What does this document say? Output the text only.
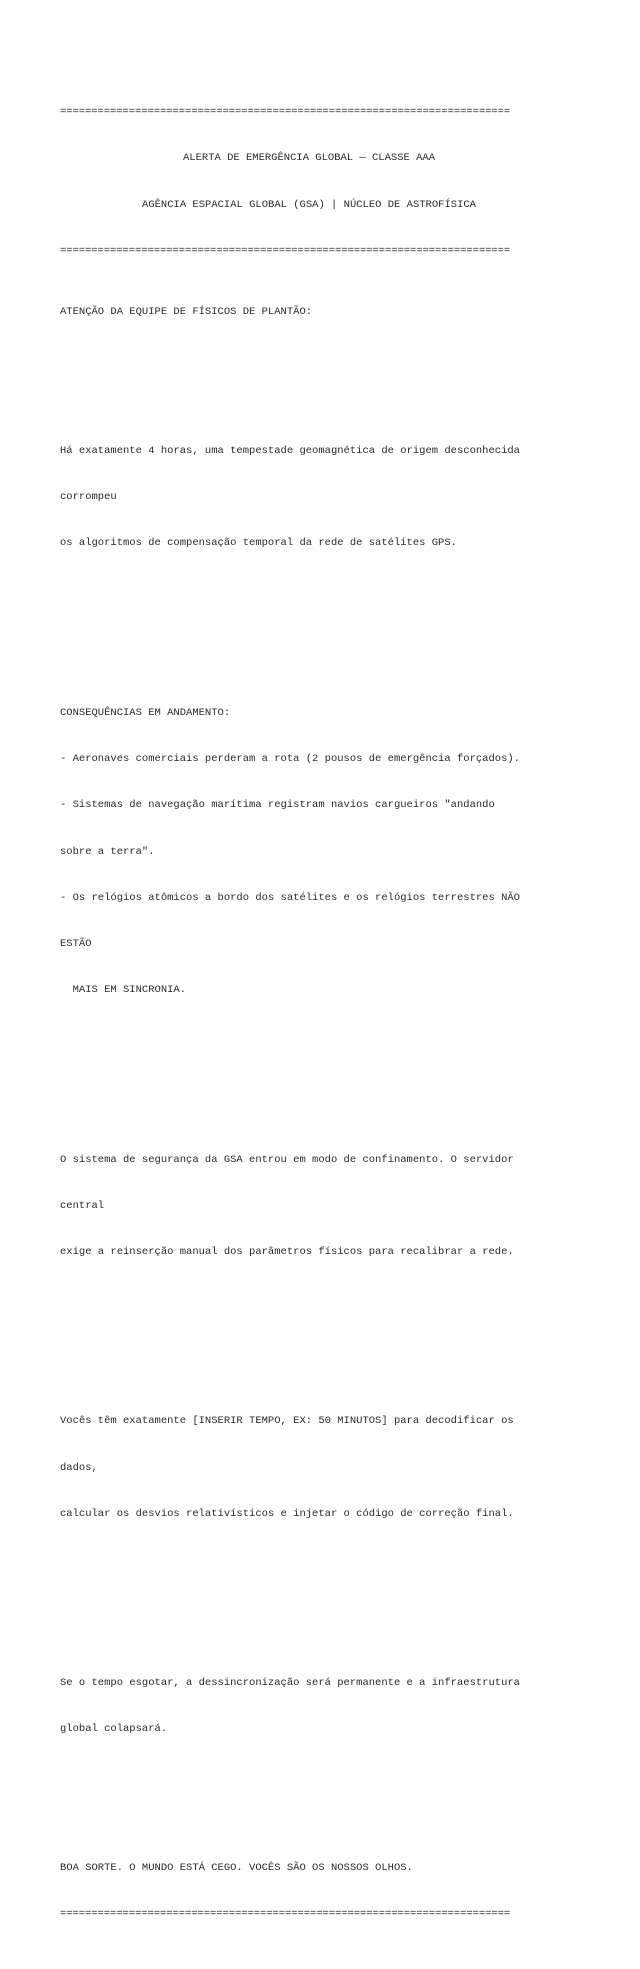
========================================================================

ALERTA DE EMERGÊNCIA GLOBAL — CLASSE AAA

AGÊNCIA ESPACIAL GLOBAL (GSA) | NÚCLEO DE ASTROFÍSICA

========================================================================

ATENÇÃO DA EQUIPE DE FÍSICOS DE PLANTÃO:

Há exatamente 4 horas, uma tempestade geomagnética de origem desconhecida

corrompeu

os algoritmos de compensação temporal da rede de satélites GPS.

CONSEQUÊNCIAS EM ANDAMENTO:

- Aeronaves comerciais perderam a rota (2 pousos de emergência forçados).

- Sistemas de navegação marítima registram navios cargueiros "andando

sobre a terra".

- Os relógios atômicos a bordo dos satélites e os relógios terrestres NÃO

ESTÃO

MAIS EM SINCRONIA.

O sistema de segurança da GSA entrou em modo de confinamento. O servidor

central

exige a reinserção manual dos parâmetros físicos para recalibrar a rede.

Vocês têm exatamente [INSERIR TEMPO, EX: 50 MINUTOS] para decodificar os

dados,

calcular os desvios relativísticos e injetar o código de correção final.

Se o tempo esgotar, a dessincronização será permanente e a infraestrutura

global colapsará.

BOA SORTE. O MUNDO ESTÁ CEGO. VOCÊS SÃO OS NOSSOS OLHOS.

========================================================================
